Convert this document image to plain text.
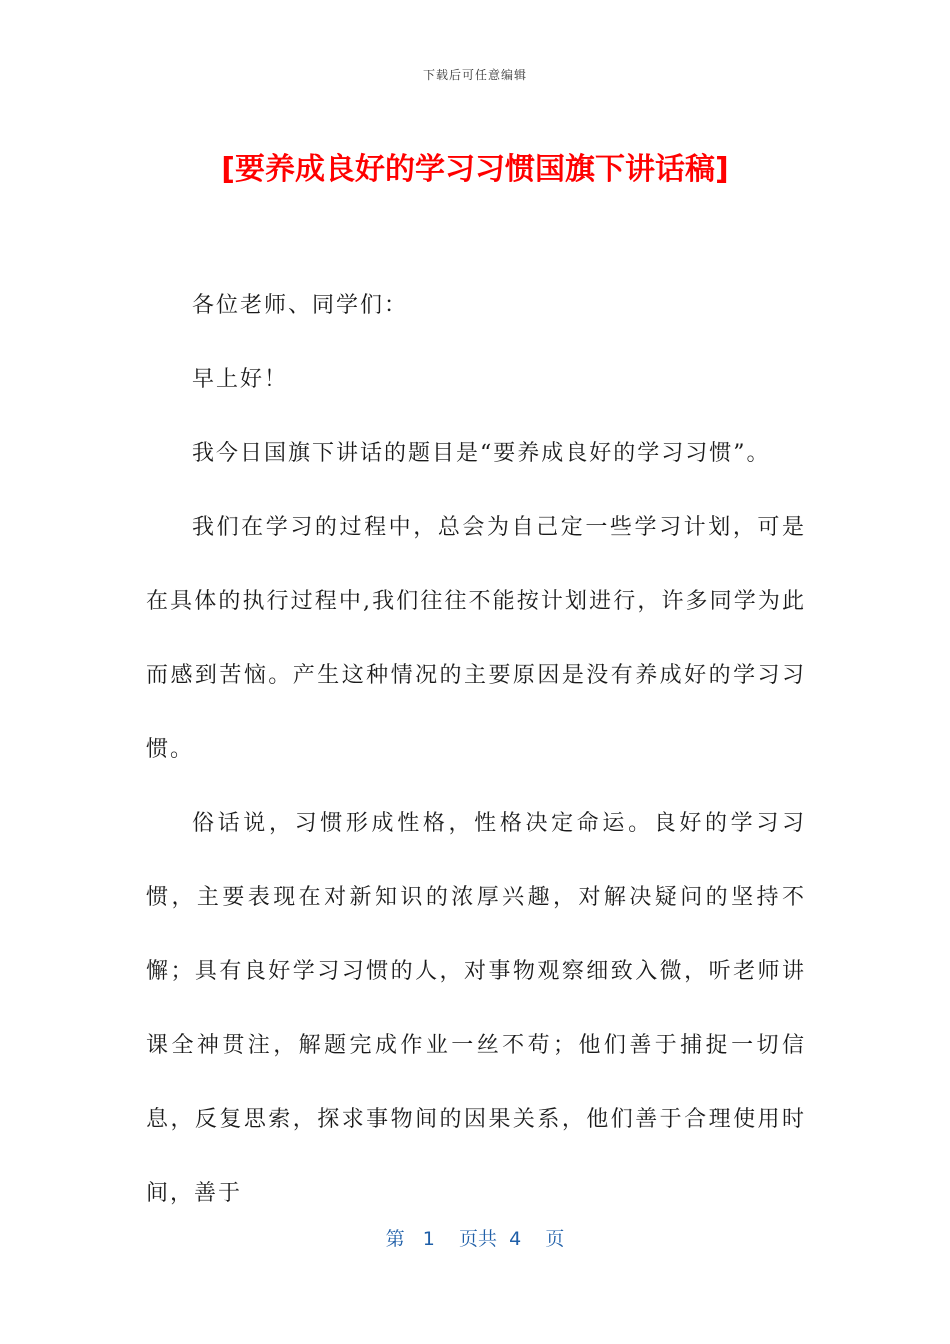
下载后可任意编辑
[要养成良好的学习习惯国旗下讲话稿]

各位老师、同学们：

早上好！

我今日国旗下讲话的题目是“要养成良好的学习习惯”。

我们在学习的过程中，总会为自己定一些学习计划，可是在具体的执行过程中,我们往往不能按计划进行，许多同学为此而感到苦恼。产生这种情况的主要原因是没有养成好的学习习惯。

俗话说，习惯形成性格，性格决定命运。良好的学习习惯，主要表现在对新知识的浓厚兴趣，对解决疑问的坚持不懈；具有良好学习习惯的人，对事物观察细致入微，听老师讲课全神贯注，解题完成作业一丝不苟；他们善于捕捉一切信息，反复思索，探求事物间的因果关系，他们善于合理使用时间，善于

第 1 页共 4 页
